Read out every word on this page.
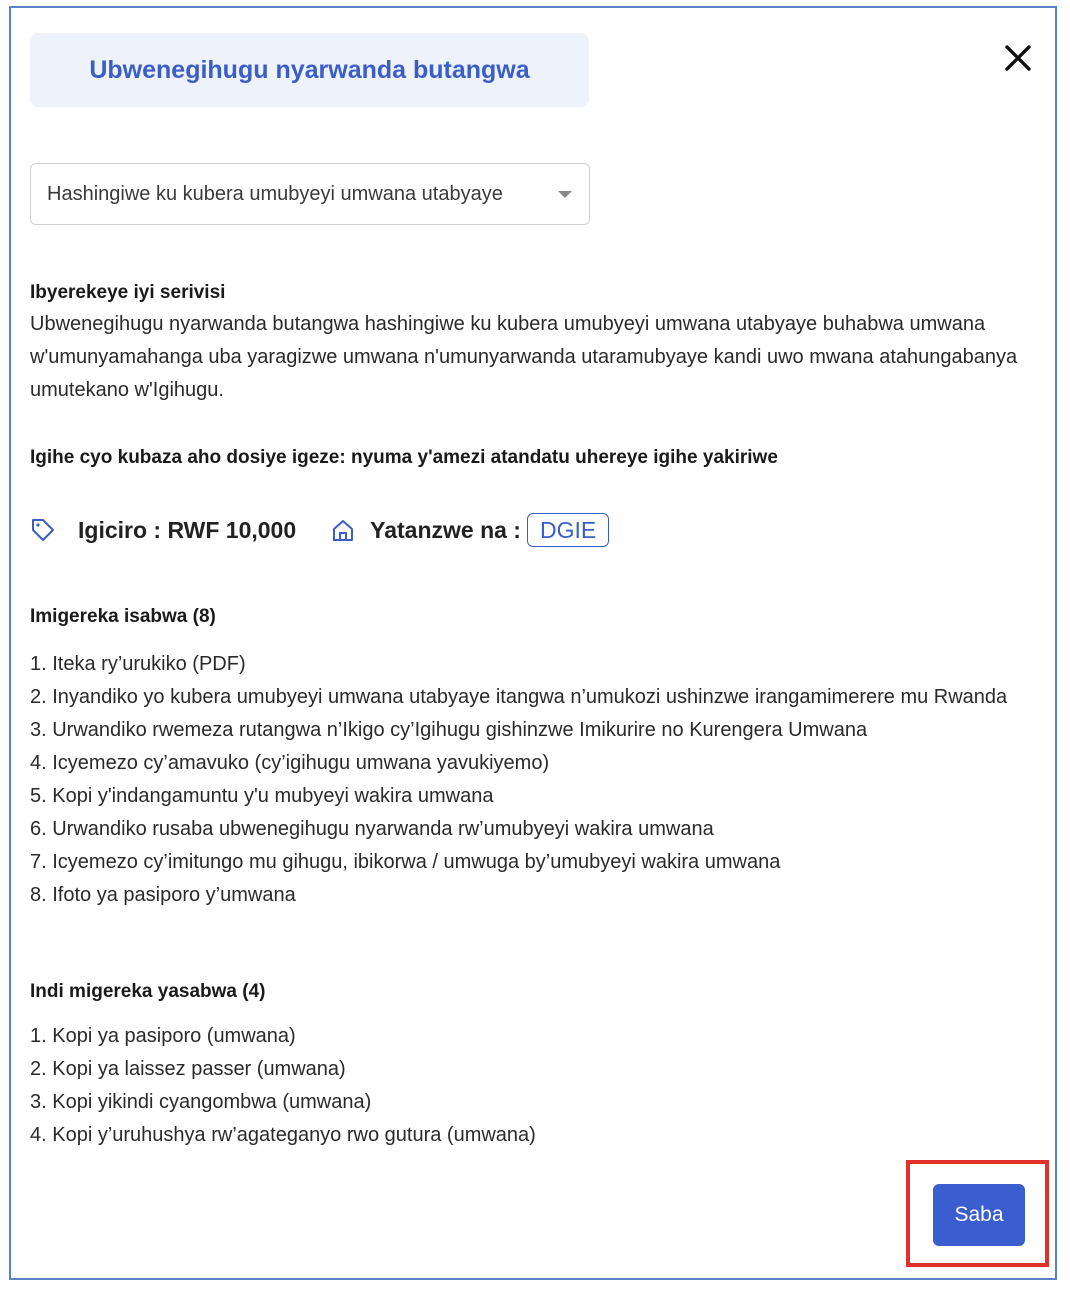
Ubwenegihugu nyarwanda butangwa
Hashingiwe ku kubera umubyeyi umwana utabyaye
Ibyerekeye iyi serivisi
Ubwenegihugu nyarwanda butangwa hashingiwe ku kubera umubyeyi umwana utabyaye buhabwa umwana w'umunyamahanga uba yaragizwe umwana n'umunyarwanda utaramubyaye kandi uwo mwana atahungabanya umutekano w'Igihugu.
Igihe cyo kubaza aho dosiye igeze: nyuma y'amezi atandatu uhereye igihe yakiriwe
Igiciro : RWF 10,000	Yatanzwe na : DGIE
Imigereka isabwa (8)
1. Iteka ry’urukiko (PDF)
2. Inyandiko yo kubera umubyeyi umwana utabyaye itangwa n’umukozi ushinzwe irangamimerere mu Rwanda
3. Urwandiko rwemeza rutangwa n’Ikigo cy’Igihugu gishinzwe Imikurire no Kurengera Umwana
4. Icyemezo cy’amavuko (cy’igihugu umwana yavukiyemo)
5. Kopi y'indangamuntu y'u mubyeyi wakira umwana
6. Urwandiko rusaba ubwenegihugu nyarwanda rw’umubyeyi wakira umwana
7. Icyemezo cy’imitungo mu gihugu, ibikorwa / umwuga by’umubyeyi wakira umwana
8. Ifoto ya pasiporo y’umwana
Indi migereka yasabwa (4)
1. Kopi ya pasiporo (umwana)
2. Kopi ya laissez passer (umwana)
3. Kopi yikindi cyangombwa (umwana)
4. Kopi y’uruhushya rw’agateganyo rwo gutura (umwana)
Saba
